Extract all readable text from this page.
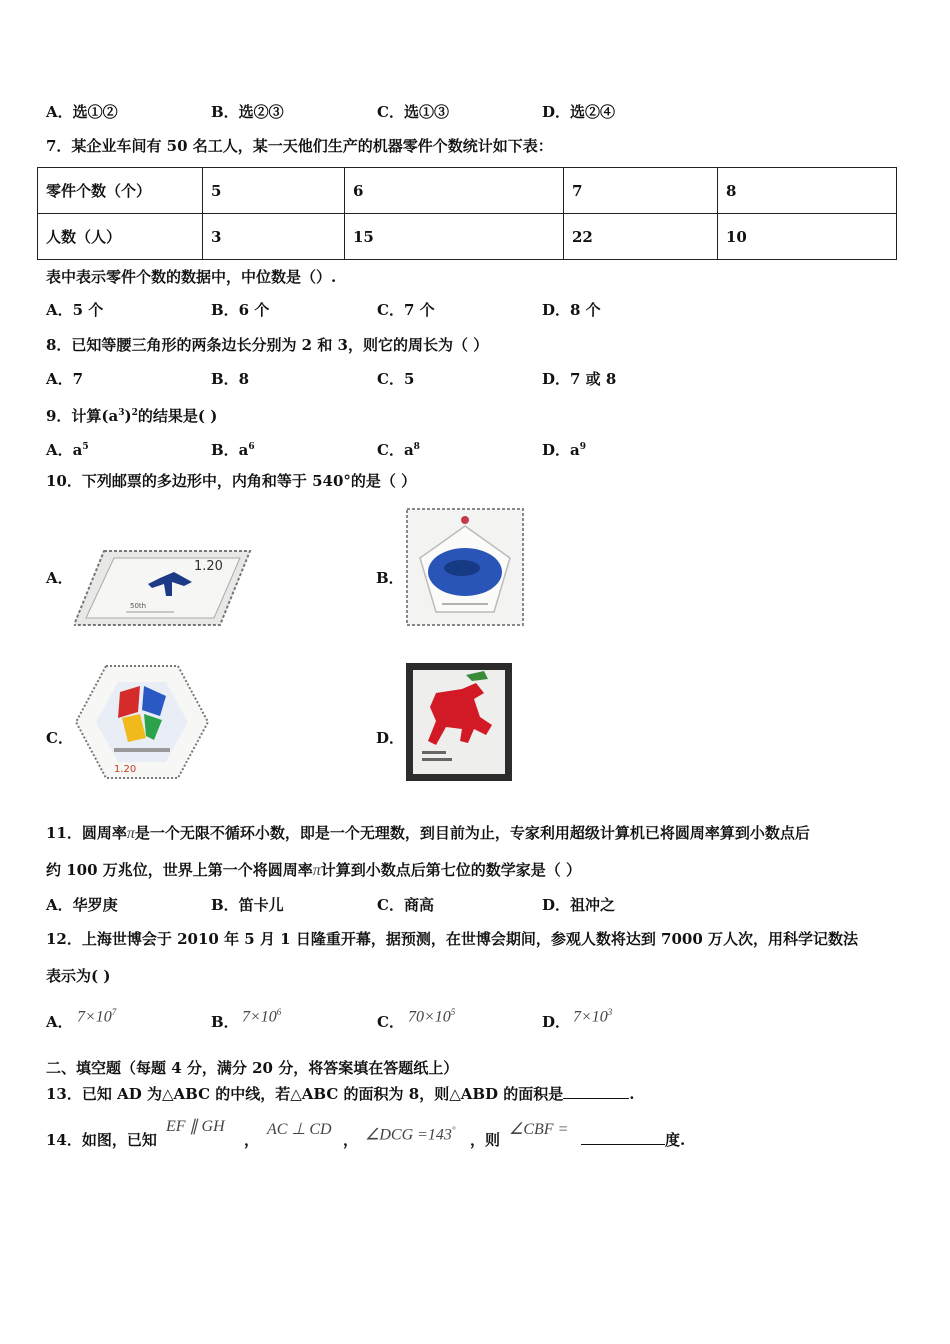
A．选①②	B．选②③	C．选①③	D．选②④
7．某企业车间有 50 名工人，某一天他们生产的机器零件个数统计如下表：
零件个数（个）	5	6	7	8
人数（人）	3	15	22	10
表中表示零件个数的数据中，中位数是（）.
A．5 个	B．6 个	C．7 个	D．8 个
8．已知等腰三角形的两条边长分别为 2 和 3，则它的周长为（ ）
A．7	B．8	C．5	D．7 或 8
9．计算$(a^3)^2$的结果是( )
A．$a^5$	B．$a^6$	C．$a^8$	D．$a^9$
10．下列邮票的多边形中，内角和等于 540°的是（ ）
A．
1.20
50th
B．
C．
1.20
D．
11．圆周率π是一个无限不循环小数，即是一个无理数，到目前为止，专家利用超级计算机已将圆周率算到小数点后
约 100 万兆位，世界上第一个将圆周率π计算到小数点后第七位的数学家是（ ）
A．华罗庚	B．笛卡儿	C．商高	D．祖冲之
12．上海世博会于 2010 年 5 月 1 日隆重开幕，据预测，在世博会期间，参观人数将达到 7000 万人次，用科学记数法
表示为( )
A． $7\times 10^7$
B． $7\times 10^6$
C． $70\times 10^5$
D． $7\times 10^3$
二、填空题（每题 4 分，满分 20 分，将答案填在答题纸上）
13．已知 AD 为△ABC 的中线，若△ABC 的面积为 8，则△ABD 的面积是	.
14．如图，已知
EF ∥ GH
，
AC ⊥ CD
， ∠DCG =143°
，则
∠CBF =
度.
